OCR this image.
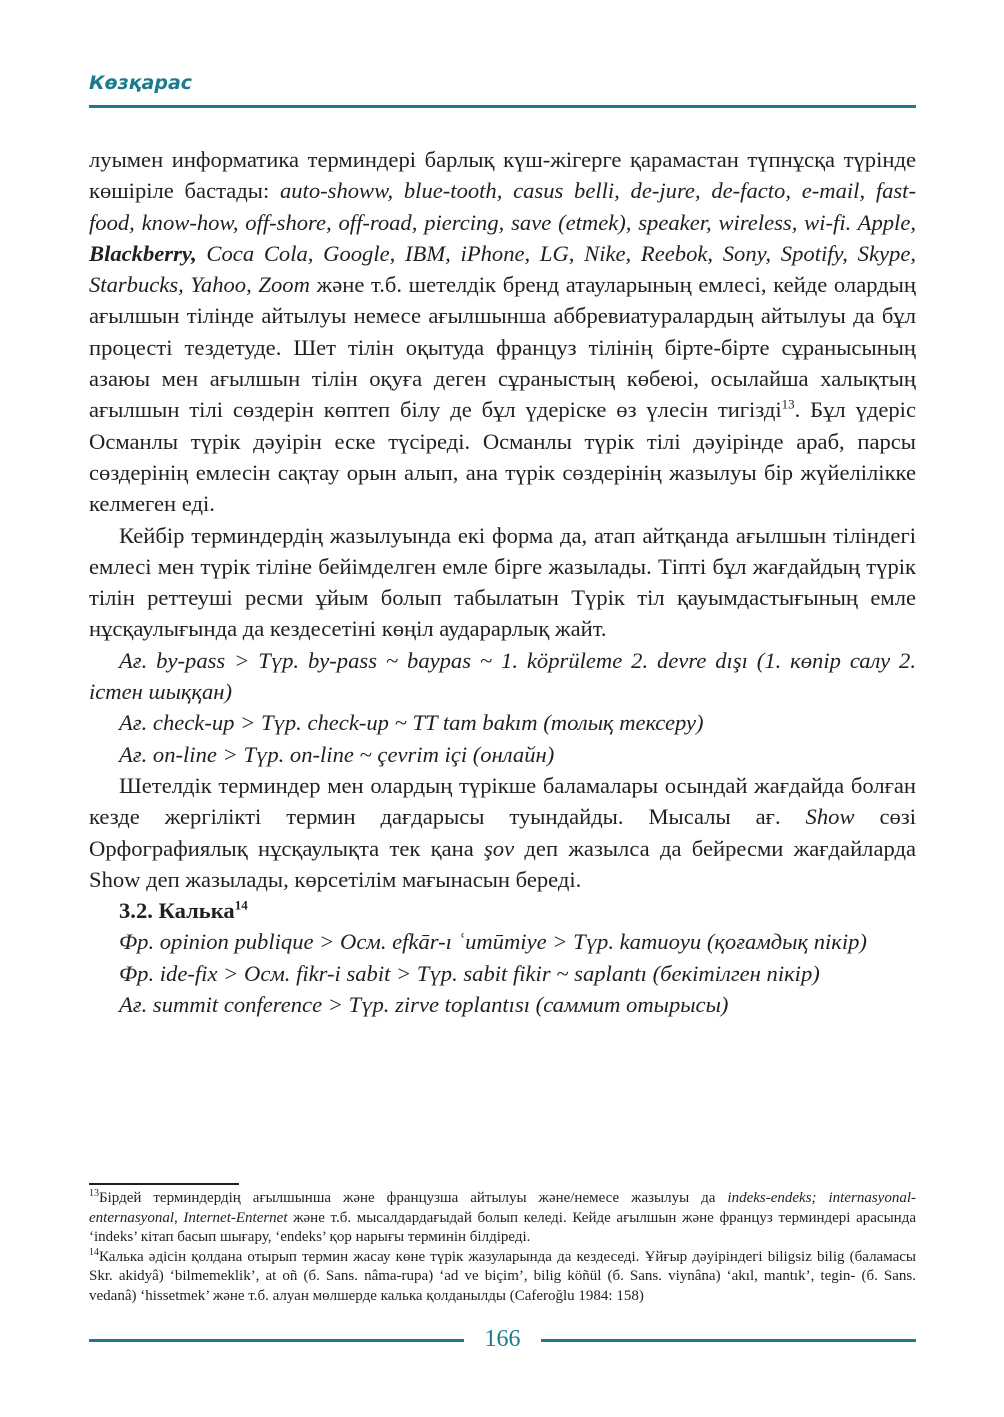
Көзқарас

луымен информатика терминдері барлық күш-жігерге қарамастан түпнұсқа түрінде көшіріле бастады: auto-showw, blue-tooth, casus belli, de-jure, de-facto, e-mail, fast-food, know-how, off-shore, off-road, piercing, save (etmek), speaker, wireless, wi-fi. Apple, Blackberry, Coca Cola, Google, IBM, iPhone, LG, Nike, Reebok, Sony, Spotify, Skype, Starbucks, Yahoo, Zoom және т.б. шетелдік бренд атауларының емлесі, кейде олардың ағылшын тілінде айтылуы немесе ағылшынша аббревиатуралардың айтылуы да бұл процесті тездетуде. Шет тілін оқытуда француз тілінің бірте-бірте сұранысының азаюы мен ағылшын тілін оқуға деген сұраныстың көбеюі, осылайша халықтың ағылшын тілі сөздерін көптеп білу де бұл үдеріске өз үлесін тигізді$^{13}$. Бұл үдеріс Османлы түрік дәуірін еске түсіреді. Османлы түрік тілі дәуірінде араб, парсы сөздерінің емлесін сақтау орын алып, ана түрік сөздерінің жазылуы бір жүйелілікке келмеген еді.

Кейбір терминдердің жазылуында екі форма да, атап айтқанда ағылшын тіліндегі емлесі мен түрік тіліне бейімделген емле бірге жазылады. Тіпті бұл жағдайдың түрік тілін реттеуші ресми ұйым болып табылатын Түрік тіл қауымдастығының емле нұсқаулығында да кездесетіні көңіл аударарлық жайт.

Ағ. by-pass > Түр. by-pass ~ baypas ~ 1. köprüleme 2. devre dışı (1. көпір салу 2. істен шыққан)

Ағ. check-up > Түр. check-up ~ TT tam bakım (толық тексеру)

Ағ. on-line > Түр. on-line ~ çevrim içi (онлайн)

Шетелдік терминдер мен олардың түрікше баламалары осындай жағдайда болған кезде жергілікті термин дағдарысы туындайды. Мысалы ағ. Show сөзі Орфографиялық нұсқаулықта тек қана şov деп жазылса да бейресми жағдайларда Show деп жазылады, көрсетілім мағынасын береді.

3.2. Калька$^{14}$

Фр. opinion publique > Осм. efkār-ı ʿumūmiye > Түр. kamuoyu (қоғамдық пікір)

Фр. ide-fix > Осм. fikr-i sabit > Түр. sabit fikir ~ saplantı (бекітілген пікір)

Ағ. summit conference > Түр. zirve toplantısı (саммит отырысы)

$^{13}$Бірдей терминдердің ағылшынша және французша айтылуы және/немесе жазылуы да indeks-endeks; internasyonal-enternasyonal, Internet-Enternet және т.б. мысалдардағыдай болып келеді. Кейде ағылшын және француз терминдері арасында ‘indeks’ кітап басып шығару, ‘endeks’ қор нарығы терминін білдіреді.

$^{14}$Калька әдісін қолдана отырып термин жасау көне түрік жазуларында да кездеседі. Ұйғыр дәуіріндегі biligsiz bilig (баламасы Skr. akidyâ) ‘bilmemeklik’, at oñ (б. Sans. nâma-rupa) ‘ad ve biçim’, bilig köñül (б. Sans. viynâna) ‘akıl, mantık’, tegin- (б. Sans. vedanâ) ‘hissetmek’ және т.б. алуан мөлшерде калька қолданылды (Caferoğlu 1984: 158)

166
